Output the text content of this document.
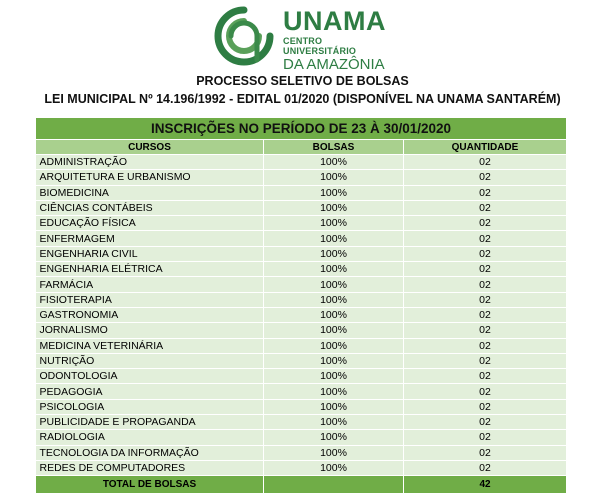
UNAMA
CENTRO UNIVERSITÁRIO
DA AMAZÔNIA
PROCESSO SELETIVO DE BOLSAS
LEI MUNICIPAL Nº 14.196/1992 - EDITAL 01/2020 (DISPONÍVEL NA UNAMA SANTARÉM)
INSCRIÇÕES NO PERÍODO DE 23 À 30/01/2020		
CURSOS	BOLSAS	QUANTIDADE
ADMINISTRAÇÃO	100%	02
ARQUITETURA E URBANISMO	100%	02
BIOMEDICINA	100%	02
CIÊNCIAS CONTÁBEIS	100%	02
EDUCAÇÃO FÍSICA	100%	02
ENFERMAGEM	100%	02
ENGENHARIA CIVIL	100%	02
ENGENHARIA ELÉTRICA	100%	02
FARMÁCIA	100%	02
FISIOTERAPIA	100%	02
GASTRONOMIA	100%	02
JORNALISMO	100%	02
MEDICINA VETERINÁRIA	100%	02
NUTRIÇÃO	100%	02
ODONTOLOGIA	100%	02
PEDAGOGIA	100%	02
PSICOLOGIA	100%	02
PUBLICIDADE E PROPAGANDA	100%	02
RADIOLOGIA	100%	02
TECNOLOGIA DA INFORMAÇÃO	100%	02
REDES DE COMPUTADORES	100%	02
TOTAL DE BOLSAS		42
